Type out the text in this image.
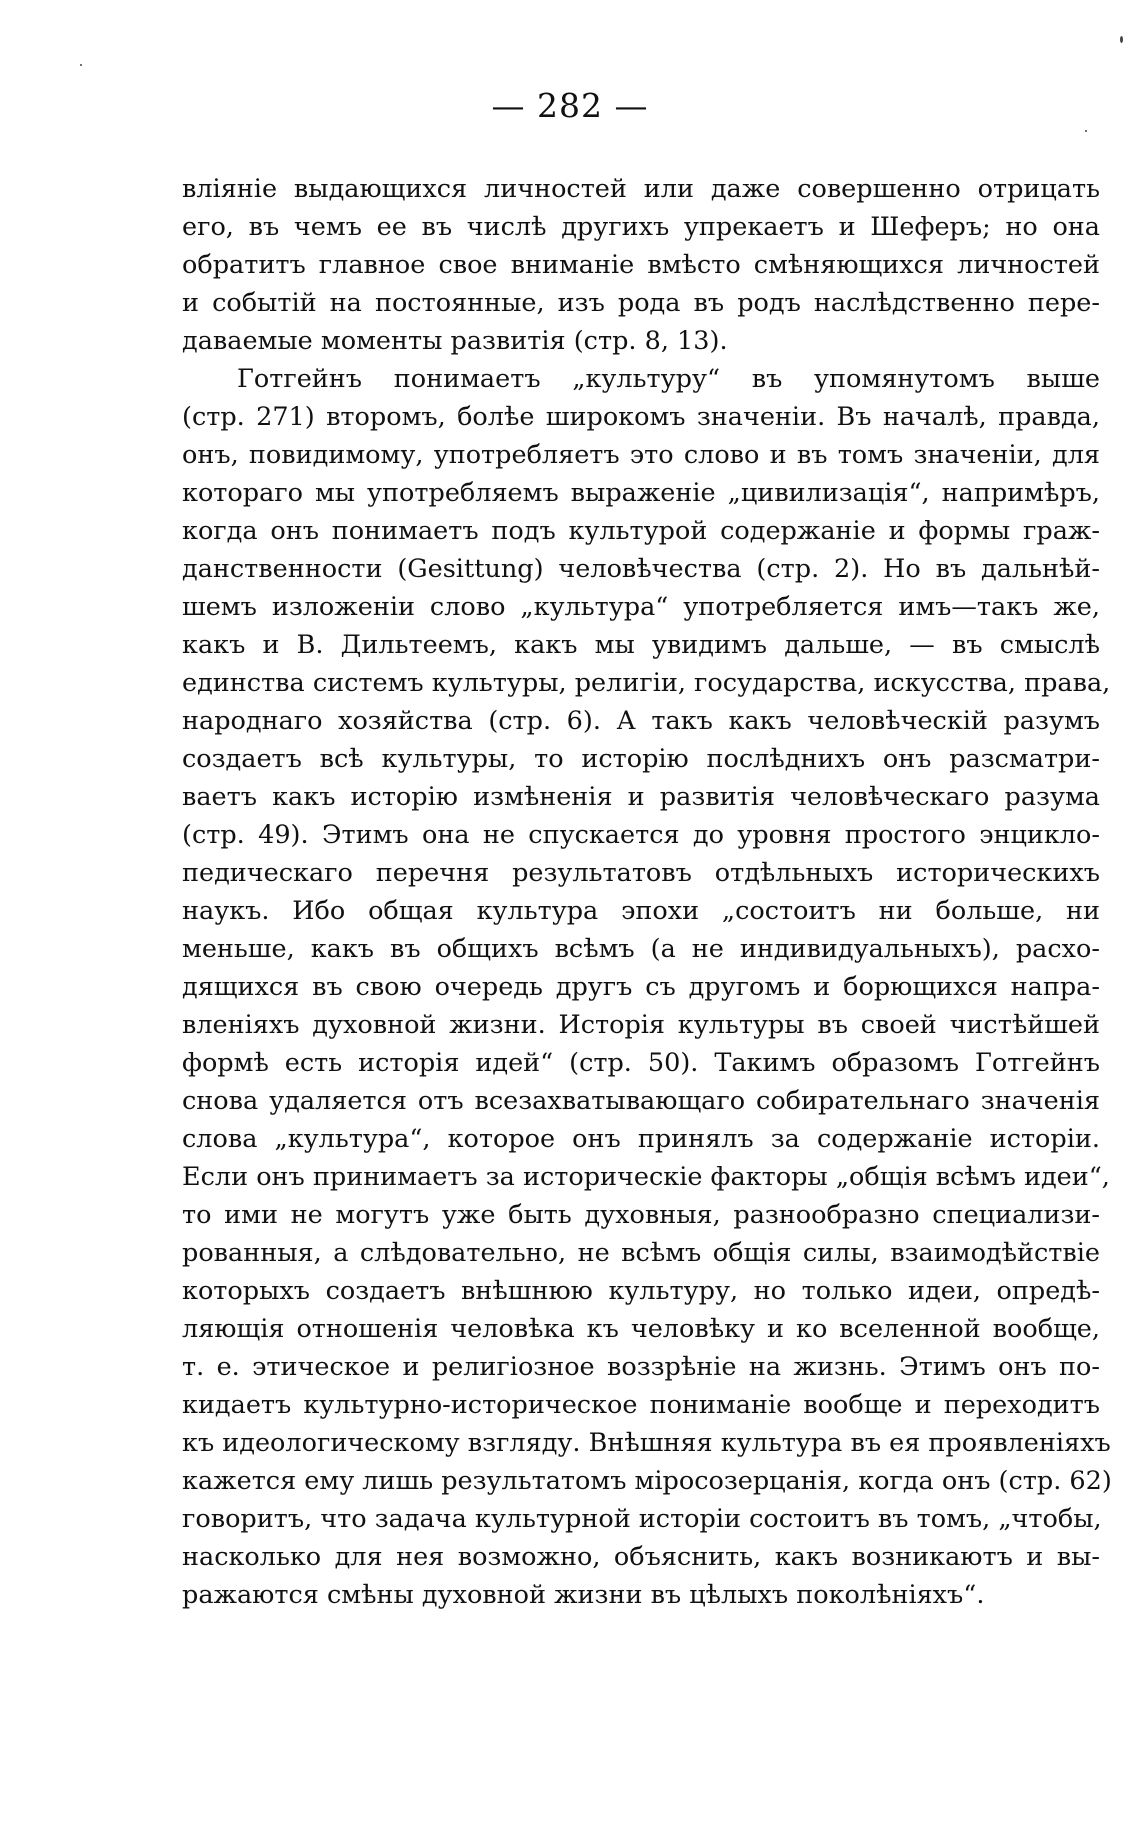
— 282 —
вліяніе выдающихся личностей или даже совершенно отрицать
его, въ чемъ ее въ числѣ другихъ упрекаетъ и Шеферъ; но она
обратитъ главное свое вниманіе вмѣсто смѣняющихся личностей
и событій на постоянные, изъ рода въ родъ наслѣдственно пере-
даваемые моменты развитія (стр. 8, 13).
Готгейнъ понимаетъ „культуру“ въ упомянутомъ выше
(стр. 271) второмъ, болѣе широкомъ значеніи. Въ началѣ, правда,
онъ, повидимому, употребляетъ это слово и въ томъ значеніи, для
котораго мы употребляемъ выраженіе „цивилизація“, напримѣръ,
когда онъ понимаетъ подъ культурой содержаніе и формы граж-
данственности (Gesittung) человѣчества (стр. 2). Но въ дальнѣй-
шемъ изложеніи слово „культура“ употребляется имъ—такъ же,
какъ и В. Дильтеемъ, какъ мы увидимъ дальше, — въ смыслѣ
единства системъ культуры, религіи, государства, искусства, права,
народнаго хозяйства (стр. 6). А такъ какъ человѣческій разумъ
создаетъ всѣ культуры, то исторію послѣднихъ онъ разсматри-
ваетъ какъ исторію измѣненія и развитія человѣческаго разума
(стр. 49). Этимъ она не спускается до уровня простого энцикло-
педическаго перечня результатовъ отдѣльныхъ историческихъ
наукъ. Ибо общая культура эпохи „состоитъ ни больше, ни
меньше, какъ въ общихъ всѣмъ (а не индивидуальныхъ), расхо-
дящихся въ свою очередь другъ съ другомъ и борющихся напра-
вленіяхъ духовной жизни. Исторія культуры въ своей чистѣйшей
формѣ есть исторія идей“ (стр. 50). Такимъ образомъ Готгейнъ
снова удаляется отъ всезахватывающаго собирательнаго значенія
слова „культура“, которое онъ принялъ за содержаніе исторіи.
Если онъ принимаетъ за историческіе факторы „общія всѣмъ идеи“,
то ими не могутъ уже быть духовныя, разнообразно специализи-
рованныя, а слѣдовательно, не всѣмъ общія силы, взаимодѣйствіе
которыхъ создаетъ внѣшнюю культуру, но только идеи, опредѣ-
ляющія отношенія человѣка къ человѣку и ко вселенной вообще,
т. е. этическое и религіозное воззрѣніе на жизнь. Этимъ онъ по-
кидаетъ культурно-историческое пониманіе вообще и переходитъ
къ идеологическому взгляду. Внѣшняя культура въ ея проявленіяхъ
кажется ему лишь результатомъ міросозерцанія, когда онъ (стр. 62)
говоритъ, что задача культурной исторіи состоитъ въ томъ, „чтобы,
насколько для нея возможно, объяснить, какъ возникаютъ и вы-
ражаются смѣны духовной жизни въ цѣлыхъ поколѣніяхъ“.
